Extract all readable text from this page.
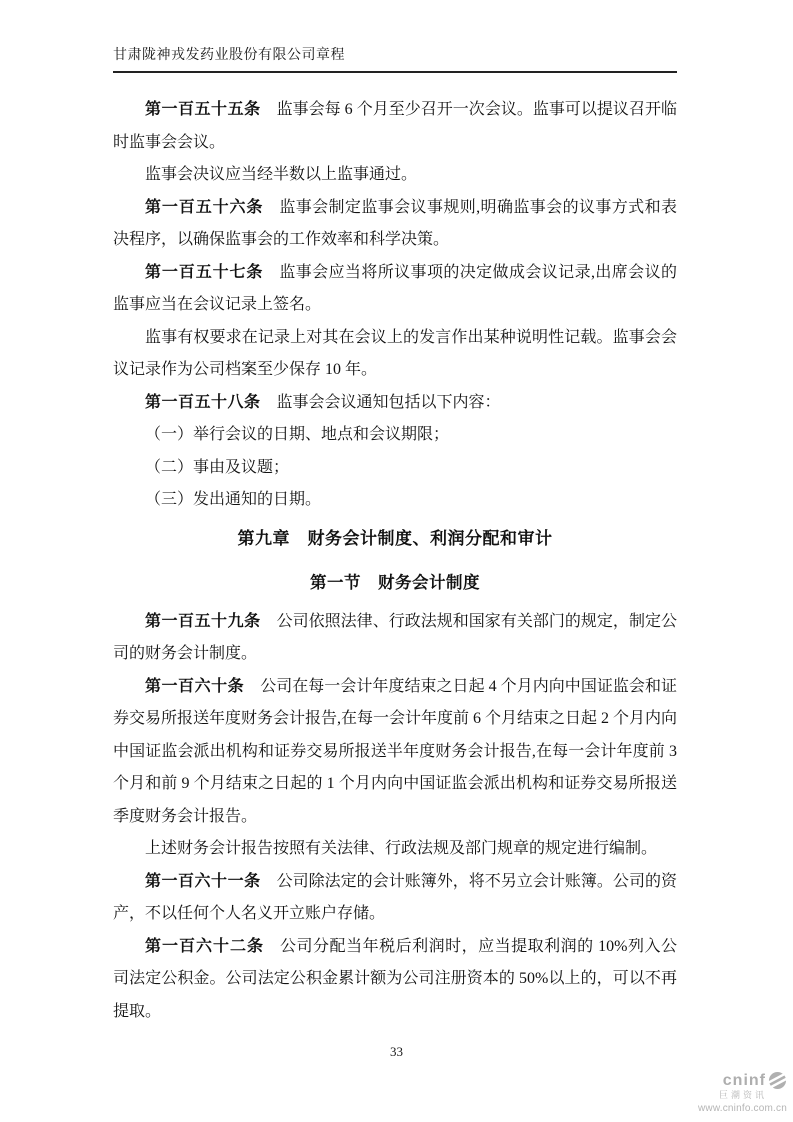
甘肃陇神戎发药业股份有限公司章程

第一百五十五条 监事会每 6 个月至少召开一次会议。监事可以提议召开临时监事会会议。

监事会决议应当经半数以上监事通过。

第一百五十六条 监事会制定监事会议事规则,明确监事会的议事方式和表决程序，以确保监事会的工作效率和科学决策。

第一百五十七条 监事会应当将所议事项的决定做成会议记录,出席会议的监事应当在会议记录上签名。

监事有权要求在记录上对其在会议上的发言作出某种说明性记载。监事会会议记录作为公司档案至少保存 10 年。

第一百五十八条 监事会会议通知包括以下内容：

（一）举行会议的日期、地点和会议期限；

（二）事由及议题；

（三）发出通知的日期。

第九章　财务会计制度、利润分配和审计

第一节　财务会计制度

第一百五十九条 公司依照法律、行政法规和国家有关部门的规定，制定公司的财务会计制度。

第一百六十条 公司在每一会计年度结束之日起 4 个月内向中国证监会和证券交易所报送年度财务会计报告,在每一会计年度前 6 个月结束之日起 2 个月内向中国证监会派出机构和证券交易所报送半年度财务会计报告,在每一会计年度前 3 个月和前 9 个月结束之日起的 1 个月内向中国证监会派出机构和证券交易所报送季度财务会计报告。

上述财务会计报告按照有关法律、行政法规及部门规章的规定进行编制。

第一百六十一条 公司除法定的会计账簿外，将不另立会计账簿。公司的资产，不以任何个人名义开立账户存储。

第一百六十二条 公司分配当年税后利润时，应当提取利润的 10%列入公司法定公积金。公司法定公积金累计额为公司注册资本的 50%以上的，可以不再提取。

33
cninf
巨潮资讯
www.cninfo.com.cn
